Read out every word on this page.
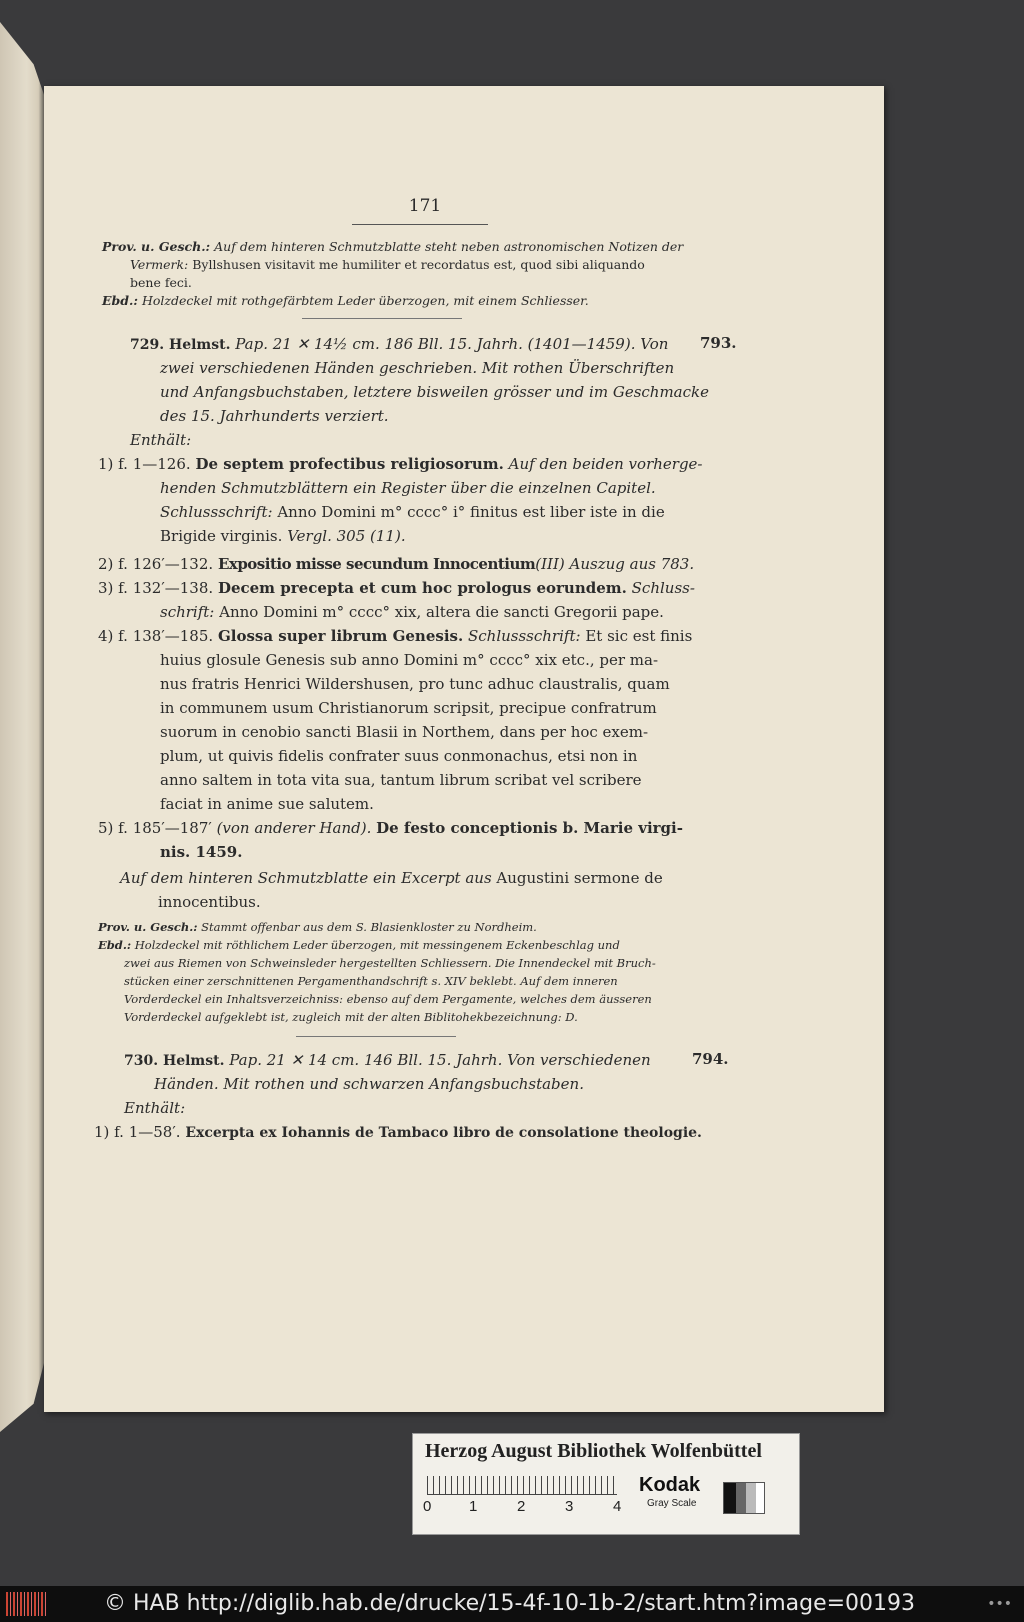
171
Prov. u. Gesch.: Auf dem hinteren Schmutzblatte steht neben astronomischen Notizen der
Vermerk: Byllshusen visitavit me humiliter et recordatus est, quod sibi aliquando
bene feci.
Ebd.: Holzdeckel mit rothgefärbtem Leder überzogen, mit einem Schliesser.
729. Helmst. Pap. 21 ✕ 14½ cm. 186 Bll. 15. Jahrh. (1401—1459). Von	793.
zwei verschiedenen Händen geschrieben. Mit rothen Überschriften
und Anfangsbuchstaben, letztere bisweilen grösser und im Geschmacke
des 15. Jahrhunderts verziert.
Enthält:
1) f. 1—126. De septem profectibus religiosorum. Auf den beiden vorherge-
henden Schmutzblättern ein Register über die einzelnen Capitel.
Schlussschrift: Anno Domini m° cccc° i° finitus est liber iste in die
Brigide virginis. Vergl. 305 (11).
2) f. 126′—132. Expositio misse secundum Innocentium(III) Auszug aus 783.
3) f. 132′—138. Decem precepta et cum hoc prologus eorundem. Schluss-
schrift: Anno Domini m° cccc° xix, altera die sancti Gregorii pape.
4) f. 138′—185. Glossa super librum Genesis. Schlussschrift: Et sic est finis
huius glosule Genesis sub anno Domini m° cccc° xix etc., per ma-
nus fratris Henrici Wildershusen, pro tunc adhuc claustralis, quam
in communem usum Christianorum scripsit, precipue confratrum
suorum in cenobio sancti Blasii in Northem, dans per hoc exem-
plum, ut quivis fidelis confrater suus conmonachus, etsi non in
anno saltem in tota vita sua, tantum librum scribat vel scribere
faciat in anime sue salutem.
5) f. 185′—187′ (von anderer Hand). De festo conceptionis b. Marie virgi-
nis. 1459.
Auf dem hinteren Schmutzblatte ein Excerpt aus Augustini sermone de
innocentibus.
Prov. u. Gesch.: Stammt offenbar aus dem S. Blasienkloster zu Nordheim.
Ebd.: Holzdeckel mit röthlichem Leder überzogen, mit messingenem Eckenbeschlag und
zwei aus Riemen von Schweinsleder hergestellten Schliessern. Die Innendeckel mit Bruch-
stücken einer zerschnittenen Pergamenthandschrift s. XIV beklebt. Auf dem inneren
Vorderdeckel ein Inhaltsverzeichniss: ebenso auf dem Pergamente, welches dem äusseren
Vorderdeckel aufgeklebt ist, zugleich mit der alten Biblitohekbezeichnung: D.
730. Helmst. Pap. 21 ✕ 14 cm. 146 Bll. 15. Jahrh. Von verschiedenen	794.
Händen. Mit rothen und schwarzen Anfangsbuchstaben.
Enthält:
1) f. 1—58′. Excerpta ex Iohannis de Tambaco libro de consolatione theologie.
Herzog August Bibliothek Wolfenbüttel
0	1	2	3	4
Kodak
Gray Scale
© HAB http://diglib.hab.de/drucke/15-4f-10-1b-2/start.htm?image=00193	•••
